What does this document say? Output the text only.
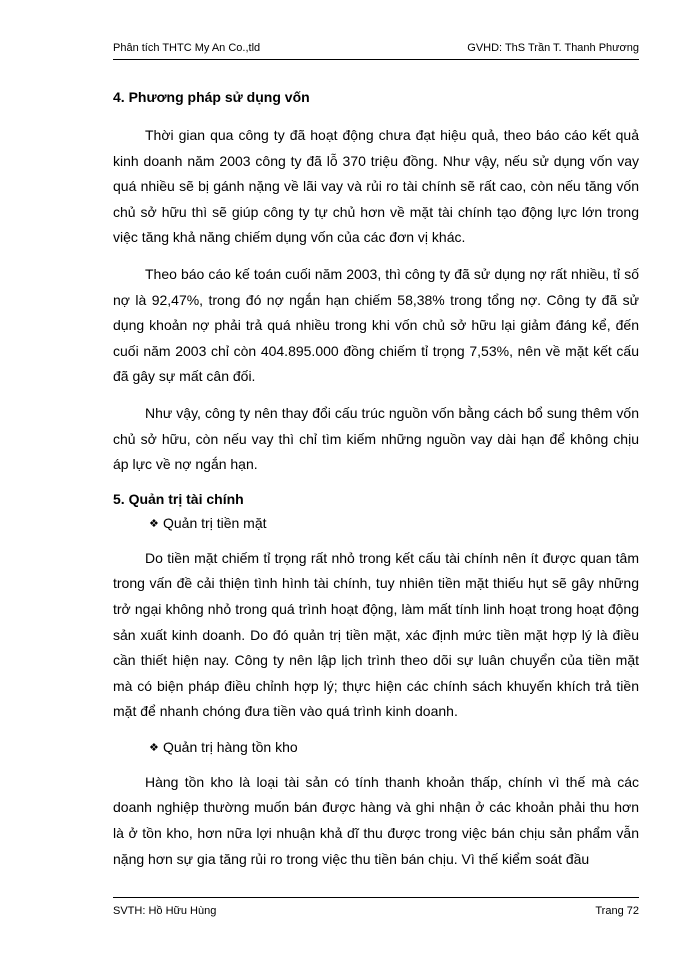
Phân tích THTC My An Co.,tld	GVHD: ThS Trần T. Thanh Phương
4. Phương pháp sử dụng vốn

Thời gian qua công ty đã hoạt động chưa đạt hiệu quả, theo báo cáo kết quả kinh doanh năm 2003 công ty đã lỗ 370 triệu đồng. Như vậy, nếu sử dụng vốn vay quá nhiều sẽ bị gánh nặng về lãi vay và rủi ro tài chính sẽ rất cao, còn nếu tăng vốn chủ sở hữu thì sẽ giúp công ty tự chủ hơn về mặt tài chính tạo động lực lớn trong việc tăng khả năng chiếm dụng vốn của các đơn vị khác.

Theo báo cáo kế toán cuối năm 2003, thì công ty đã sử dụng nợ rất nhiều, tỉ số nợ là 92,47%, trong đó nợ ngắn hạn chiếm 58,38% trong tổng nợ. Công ty đã sử dụng khoản nợ phải trả quá nhiều trong khi vốn chủ sở hữu lại giảm đáng kể, đến cuối năm 2003 chỉ còn 404.895.000 đồng chiếm tỉ trọng 7,53%, nên về mặt kết cấu đã gây sự mất cân đối.

Như vậy, công ty nên thay đổi cấu trúc nguồn vốn bằng cách bổ sung thêm vốn chủ sở hữu, còn nếu vay thì chỉ tìm kiếm những nguồn vay dài hạn để không chịu áp lực về nợ ngắn hạn.

5. Quản trị tài chính

❖ Quản trị tiền mặt

Do tiền mặt chiếm tỉ trọng rất nhỏ trong kết cấu tài chính nên ít được quan tâm trong vấn đề cải thiện tình hình tài chính, tuy nhiên tiền mặt thiếu hụt sẽ gây những trở ngại không nhỏ trong quá trình hoạt động, làm mất tính linh hoạt trong hoạt động sản xuất kinh doanh. Do đó quản trị tiền mặt, xác định mức tiền mặt hợp lý là điều cần thiết hiện nay. Công ty nên lập lịch trình theo dõi sự luân chuyển của tiền mặt mà có biện pháp điều chỉnh hợp lý; thực hiện các chính sách khuyến khích trả tiền mặt để nhanh chóng đưa tiền vào quá trình kinh doanh.

❖ Quản trị hàng tồn kho

Hàng tồn kho là loại tài sản có tính thanh khoản thấp, chính vì thế mà các doanh nghiệp thường muốn bán được hàng và ghi nhận ở các khoản phải thu hơn là ở tồn kho, hơn nữa lợi nhuận khả dĩ thu được trong việc bán chịu sản phẩm vẫn nặng hơn sự gia tăng rủi ro trong việc thu tiền bán chịu. Vì thế kiểm soát đầu

SVTH: Hồ Hữu Hùng	Trang 72
